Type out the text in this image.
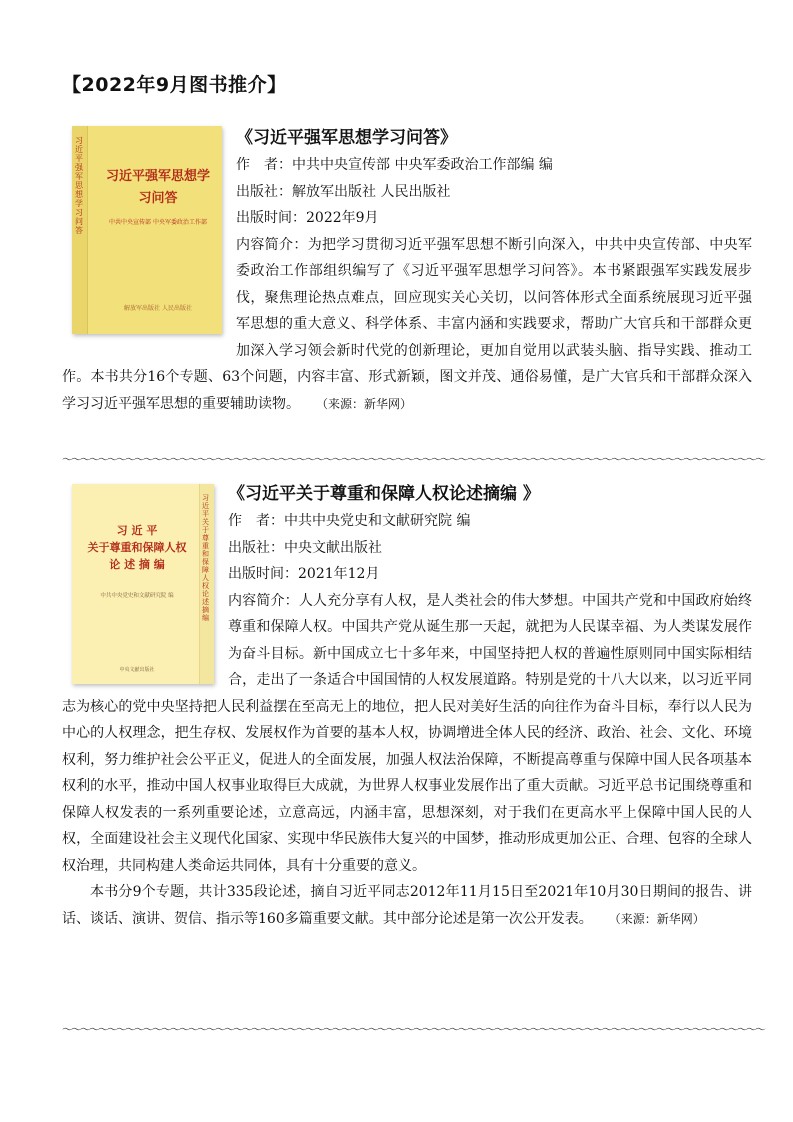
【2022年9月图书推介】
习近平强军思想学习问答
习近平强军思想学习问答
中共中央宣传部 中央军委政治工作部
解放军出版社 人民出版社
《习近平强军思想学习问答》
作　者：中共中央宣传部 中央军委政治工作部编 编
出版社：解放军出版社 人民出版社
出版时间：2022年9月
内容简介：为把学习贯彻习近平强军思想不断引向深入，中共中央宣传部、中央军委政治工作部组织编写了《习近平强军思想学习问答》。本书紧跟强军实践发展步伐，聚焦理论热点难点，回应现实关心关切，以问答体形式全面系统展现习近平强军思想的重大意义、科学体系、丰富内涵和实践要求，帮助广大官兵和干部群众更加深入学习领会新时代党的创新理论，更加自觉用以武装头脑、指导实践、推动工作。本书共分16个专题、63个问题，内容丰富、形式新颖，图文并茂、通俗易懂，是广大官兵和干部群众深入学习习近平强军思想的重要辅助读物。 （来源：新华网）
〜〜〜〜〜〜〜〜〜〜〜〜〜〜〜〜〜〜〜〜〜〜〜〜〜〜〜〜〜〜〜〜〜〜〜〜〜〜〜〜〜〜〜〜〜〜〜〜〜〜〜〜〜〜〜〜〜〜〜〜〜〜〜〜〜〜〜〜〜〜〜〜〜〜〜〜〜〜
习近平关于尊重和保障人权论述摘编
习 近 平
关于尊重和保障人权
论 述 摘 编
中共中央党史和文献研究院 编
中央文献出版社
《习近平关于尊重和保障人权论述摘编 》
作　者：中共中央党史和文献研究院 编
出版社：中央文献出版社
出版时间：2021年12月
内容简介：人人充分享有人权，是人类社会的伟大梦想。中国共产党和中国政府始终尊重和保障人权。中国共产党从诞生那一天起，就把为人民谋幸福、为人类谋发展作为奋斗目标。新中国成立七十多年来，中国坚持把人权的普遍性原则同中国实际相结合，走出了一条适合中国国情的人权发展道路。特别是党的十八大以来，以习近平同志为核心的党中央坚持把人民利益摆在至高无上的地位，把人民对美好生活的向往作为奋斗目标，奉行以人民为中心的人权理念，把生存权、发展权作为首要的基本人权，协调增进全体人民的经济、政治、社会、文化、环境权利，努力维护社会公平正义，促进人的全面发展，加强人权法治保障，不断提高尊重与保障中国人民各项基本权利的水平，推动中国人权事业取得巨大成就，为世界人权事业发展作出了重大贡献。习近平总书记围绕尊重和保障人权发表的一系列重要论述，立意高远，内涵丰富，思想深刻，对于我们在更高水平上保障中国人民的人权，全面建设社会主义现代化国家、实现中华民族伟大复兴的中国梦，推动形成更加公正、合理、包容的全球人权治理，共同构建人类命运共同体，具有十分重要的意义。
本书分9个专题，共计335段论述，摘自习近平同志2012年11月15日至2021年10月30日期间的报告、讲话、谈话、演讲、贺信、指示等160多篇重要文献。其中部分论述是第一次公开发表。 （来源：新华网）
〜〜〜〜〜〜〜〜〜〜〜〜〜〜〜〜〜〜〜〜〜〜〜〜〜〜〜〜〜〜〜〜〜〜〜〜〜〜〜〜〜〜〜〜〜〜〜〜〜〜〜〜〜〜〜〜〜〜〜〜〜〜〜〜〜〜〜〜〜〜〜〜〜〜〜〜〜〜
